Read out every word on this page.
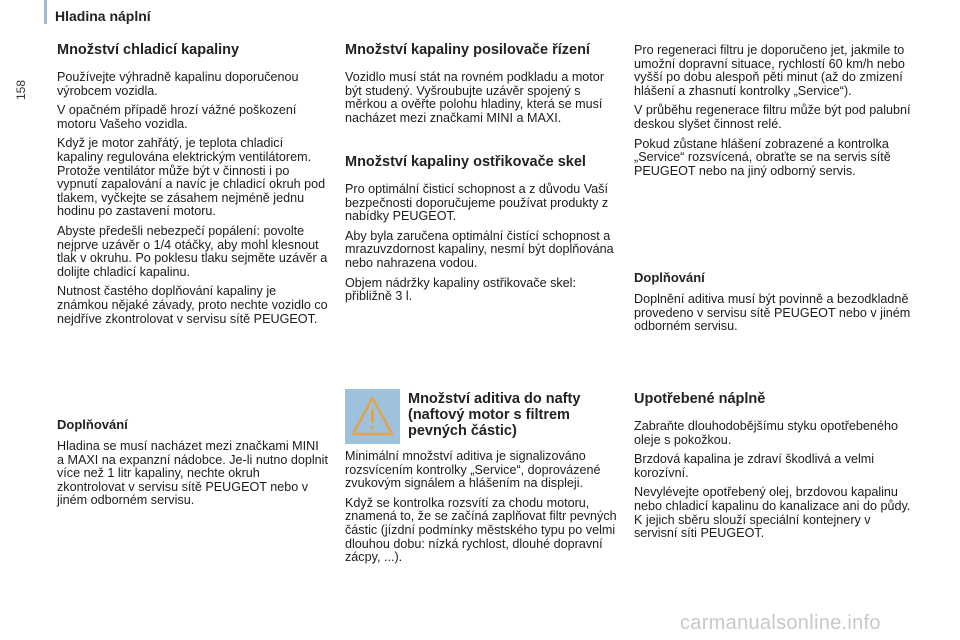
158
Hladina náplní
Množství chladicí kapaliny

Používejte výhradně kapalinu doporučenou výrobcem vozidla.

V opačném případě hrozí vážné poškození motoru Vašeho vozidla.

Když je motor zahřátý, je teplota chladicí kapaliny regulována elektrickým ventilátorem. Protože ventilátor může být v činnosti i po vypnutí zapalování a navíc je chladicí okruh pod tlakem, vyčkejte se zásahem nejméně jednu hodinu po zastavení motoru.

Abyste předešli nebezpečí popálení: povolte nejprve uzávěr o 1/4 otáčky, aby mohl klesnout tlak v okruhu. Po poklesu tlaku sejměte uzávěr a dolijte chladicí kapalinu.

Nutnost častého doplňování kapaliny je známkou nějaké závady, proto nechte vozidlo co nejdříve zkontrolovat v servisu sítě PEUGEOT.

Doplňování

Hladina se musí nacházet mezi značkami MINI a MAXI na expanzní nádobce. Je-li nutno doplnit více než 1 litr kapaliny, nechte okruh zkontrolovat v servisu sítě PEUGEOT nebo v jiném odborném servisu.

Množství kapaliny posilovače řízení

Vozidlo musí stát na rovném podkladu a motor být studený. Vyšroubujte uzávěr spojený s měrkou a ověřte polohu hladiny, která se musí nacházet mezi značkami MINI a MAXI.

Množství kapaliny ostřikovače skel

Pro optimální čisticí schopnost a z důvodu Vaší bezpečnosti doporučujeme používat produkty z nabídky PEUGEOT.

Aby byla zaručena optimální čistící schopnost a mrazuvzdornost kapaliny, nesmí být doplňována nebo nahrazena vodou.

Objem nádržky kapaliny ostřikovače skel: přibližně 3 l.

Množství aditiva do nafty (naftový motor s filtrem pevných částic)

Minimální množství aditiva je signalizováno rozsvícením kontrolky „Service“, doprovázené zvukovým signálem a hlášením na displeji.

Když se kontrolka rozsvítí za chodu motoru, znamená to, že se začíná zaplňovat filtr pevných částic (jízdní podmínky městského typu po velmi dlouhou dobu: nízká rychlost, dlouhé dopravní zácpy, ...).

Pro regeneraci filtru je doporučeno jet, jakmile to umožní dopravní situace, rychlostí 60 km/h nebo vyšší po dobu alespoň pěti minut (až do zmizení hlášení a zhasnutí kontrolky „Service“).

V průběhu regenerace filtru může být pod palubní deskou slyšet činnost relé.

Pokud zůstane hlášení zobrazené a kontrolka „Service“ rozsvícená, obraťte se na servis sítě PEUGEOT nebo na jiný odborný servis.

Doplňování

Doplnění aditiva musí být povinně a bezodkladně provedeno v servisu sítě PEUGEOT nebo v jiném odborném servisu.

Upotřebené náplně

Zabraňte dlouhodobějšímu styku opotřebeného oleje s pokožkou.

Brzdová kapalina je zdraví škodlivá a velmi korozívní.

Nevylévejte opotřebený olej, brzdovou kapalinu nebo chladicí kapalinu do kanalizace ani do půdy. K jejich sběru slouží speciální kontejnery v servisní síti PEUGEOT.

carmanualsonline.info
